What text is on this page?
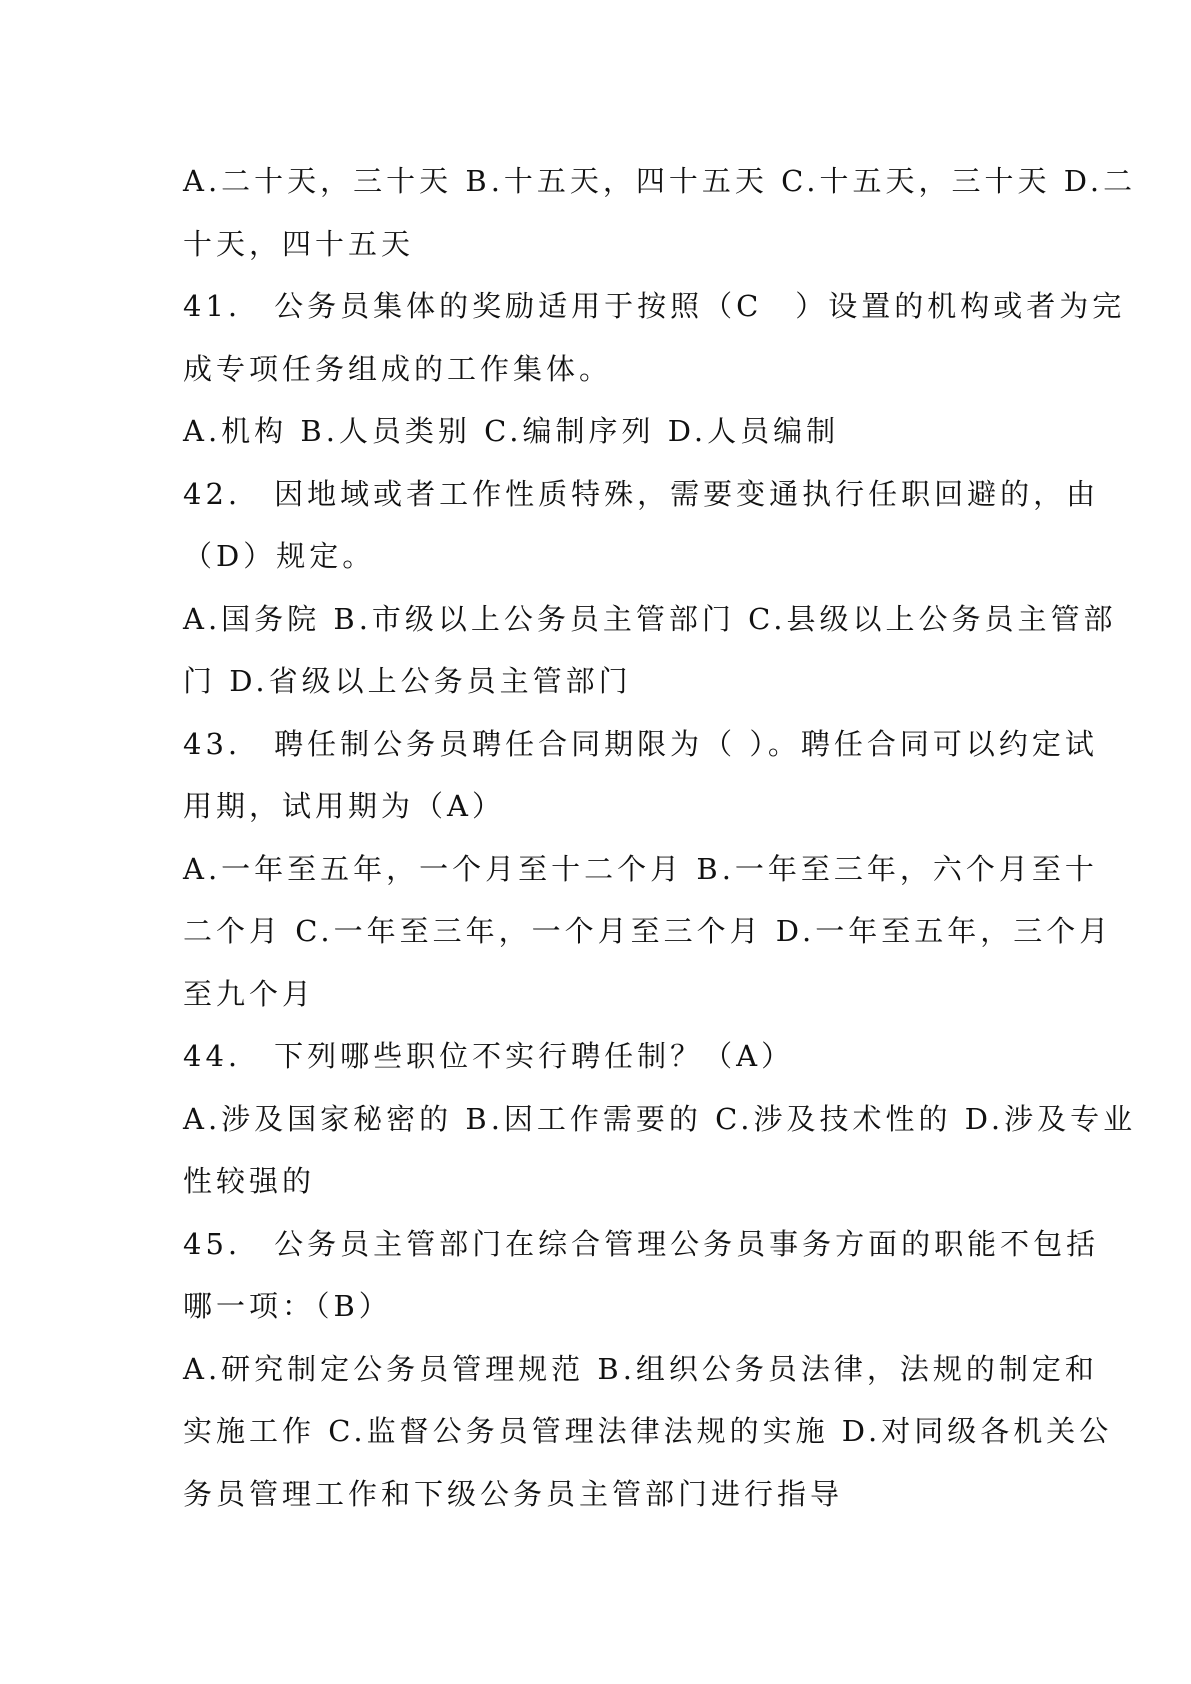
A.二十天，三十天 B.十五天，四十五天 C.十五天，三十天 D.二
十天，四十五天
41.　公务员集体的奖励适用于按照（C　）设置的机构或者为完
成专项任务组成的工作集体。
A.机构 B.人员类别 C.编制序列 D.人员编制
42.　因地域或者工作性质特殊，需要变通执行任职回避的，由
（D）规定。
A.国务院 B.市级以上公务员主管部门 C.县级以上公务员主管部
门 D.省级以上公务员主管部门
43.　聘任制公务员聘任合同期限为（ ）。聘任合同可以约定试
用期，试用期为（A）
A.一年至五年，一个月至十二个月 B.一年至三年，六个月至十
二个月 C.一年至三年，一个月至三个月 D.一年至五年，三个月
至九个月
44.　下列哪些职位不实行聘任制？（A）
A.涉及国家秘密的 B.因工作需要的 C.涉及技术性的 D.涉及专业
性较强的
45.　公务员主管部门在综合管理公务员事务方面的职能不包括
哪一项：（B）
A.研究制定公务员管理规范 B.组织公务员法律，法规的制定和
实施工作 C.监督公务员管理法律法规的实施 D.对同级各机关公
务员管理工作和下级公务员主管部门进行指导
